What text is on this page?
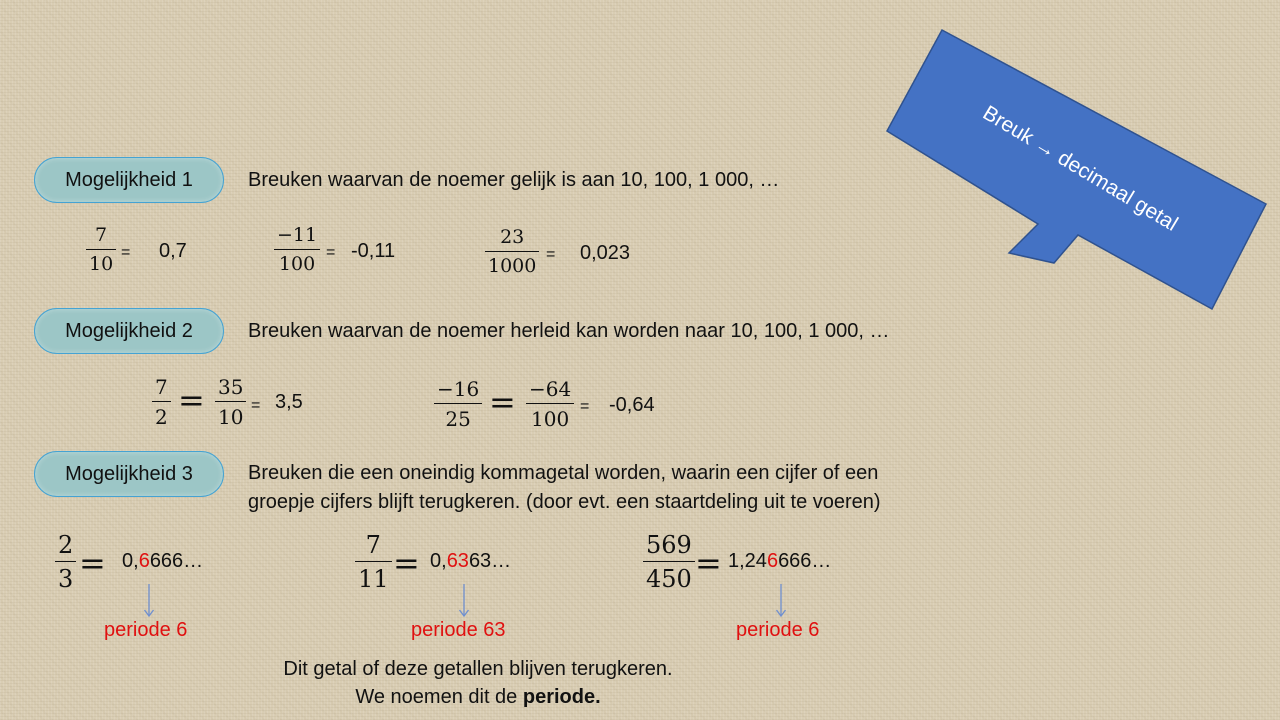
Breuk → decimaal getal
Mogelijkheid 1	Breuken waarvan de noemer gelijk is aan 10, 100, 1 000, …
7
10
= 0,7
−11
100
= -0,11
23
1000
= 0,023
Mogelijkheid 2	Breuken waarvan de noemer herleid kan worden naar 10, 100, 1 000, …
7
2 = 35
10 = 3,5
−16
25 = −64
100
= -0,64
Mogelijkheid 3	Breuken die een oneindig kommagetal worden, waarin een cijfer of een
groepje cijfers blijft terugkeren. (door evt. een staartdeling uit te voeren)
2
3 = 0,6666…
periode 6
7
11 = 0,6363…
periode 63
569
450 = 1,246666…
periode 6
Dit getal of deze getallen blijven terugkeren.
We noemen dit de periode.
